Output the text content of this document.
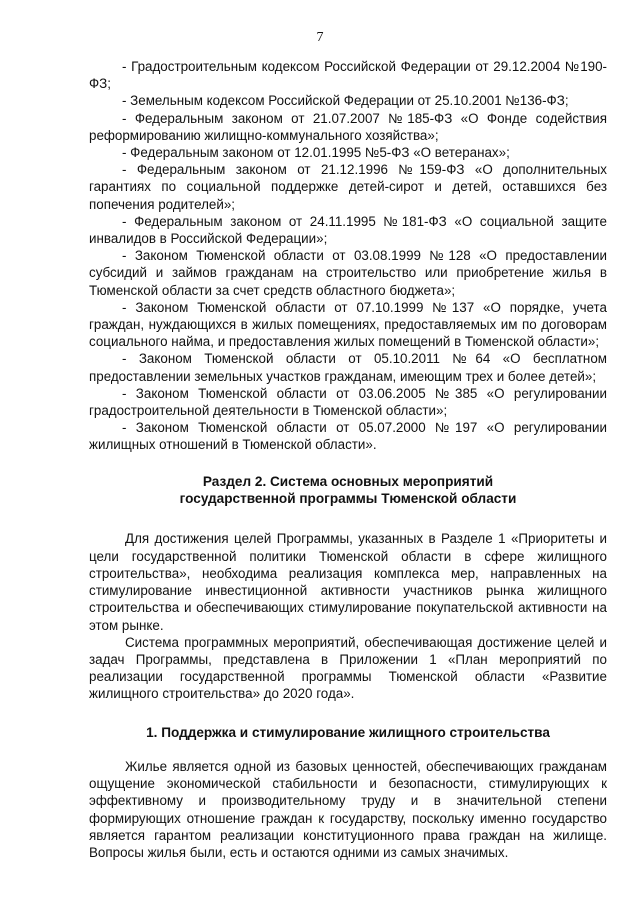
7

- Градостроительным кодексом Российской Федерации от 29.12.2004 №190-ФЗ;

- Земельным кодексом Российской Федерации от 25.10.2001 №136-ФЗ;

- Федеральным законом от 21.07.2007 №185-ФЗ «О Фонде содействия реформированию жилищно-коммунального хозяйства»;

- Федеральным законом от 12.01.1995 №5-ФЗ «О ветеранах»;

- Федеральным законом от 21.12.1996 №159-ФЗ «О дополнительных гарантиях по социальной поддержке детей-сирот и детей, оставшихся без попечения родителей»;

- Федеральным законом от 24.11.1995 №181-ФЗ «О социальной защите инвалидов в Российской Федерации»;

- Законом Тюменской области от 03.08.1999 №128 «О предоставлении субсидий и займов гражданам на строительство или приобретение жилья в Тюменской области за счет средств областного бюджета»;

- Законом Тюменской области от 07.10.1999 №137 «О порядке, учета граждан, нуждающихся в жилых помещениях, предоставляемых им по договорам социального найма, и предоставления жилых помещений в Тюменской области»;

- Законом Тюменской области от 05.10.2011 №64 «О бесплатном предоставлении земельных участков гражданам, имеющим трех и более детей»;

- Законом Тюменской области от 03.06.2005 №385 «О регулировании градостроительной деятельности в Тюменской области»;

- Законом Тюменской области от 05.07.2000 №197 «О регулировании жилищных отношений в Тюменской области».

Раздел 2. Система основных мероприятий
государственной программы Тюменской области

Для достижения целей Программы, указанных в Разделе 1 «Приоритеты и цели государственной политики Тюменской области в сфере жилищного строительства», необходима реализация комплекса мер, направленных на стимулирование инвестиционной активности участников рынка жилищного строительства и обеспечивающих стимулирование покупательской активности на этом рынке.

Система программных мероприятий, обеспечивающая достижение целей и задач Программы, представлена в Приложении 1 «План мероприятий по реализации государственной программы Тюменской области «Развитие жилищного строительства» до 2020 года».

1. Поддержка и стимулирование жилищного строительства

Жилье является одной из базовых ценностей, обеспечивающих гражданам ощущение экономической стабильности и безопасности, стимулирующих к эффективному и производительному труду и в значительной степени формирующих отношение граждан к государству, поскольку именно государство является гарантом реализации конституционного права граждан на жилище. Вопросы жилья были, есть и остаются одними из самых значимых.
